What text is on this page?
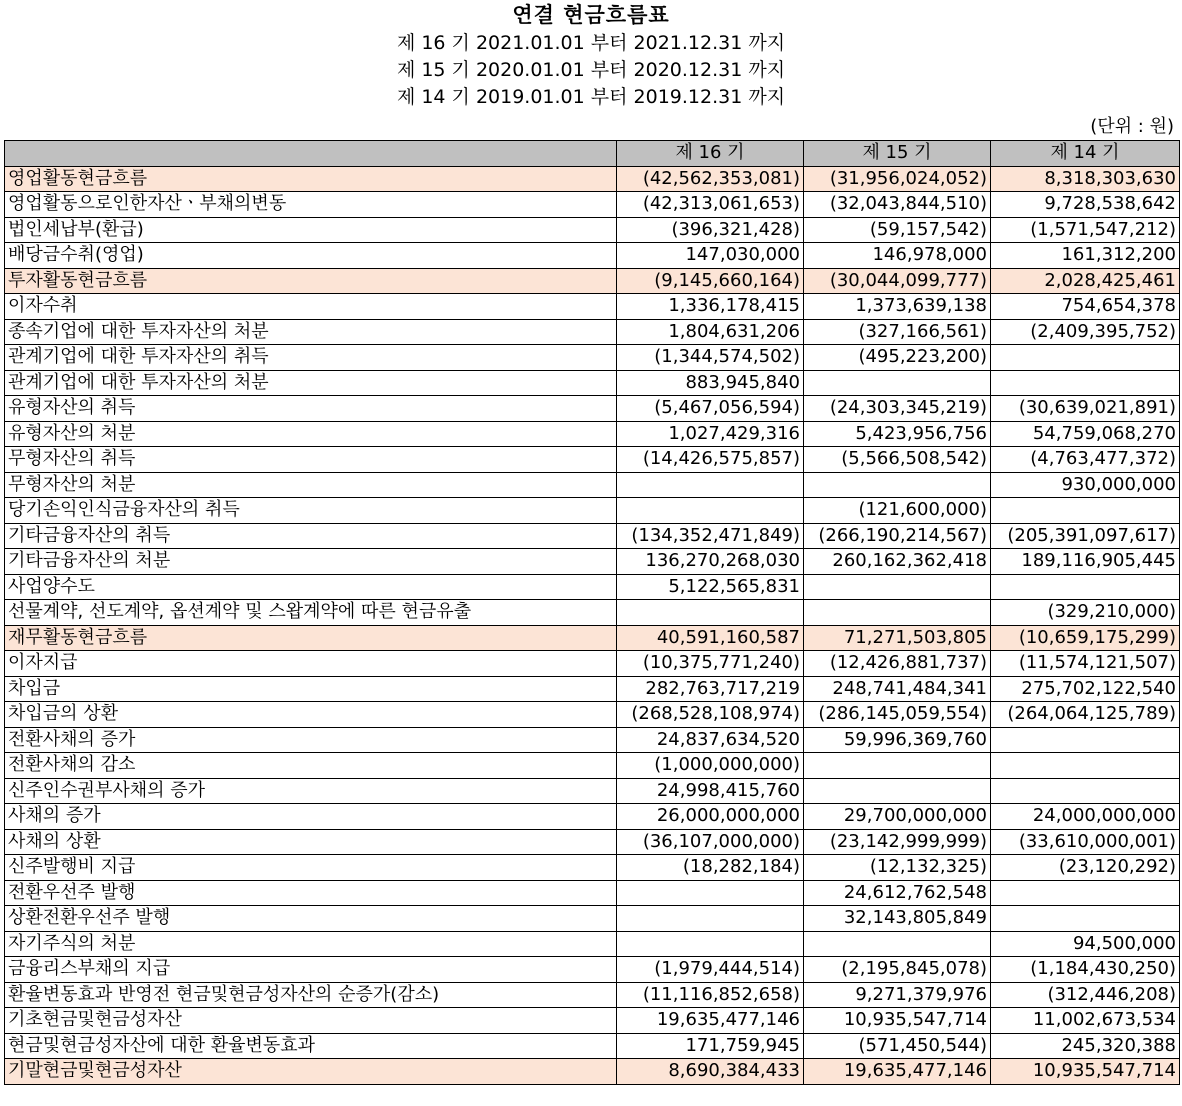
연결 현금흐름표
제 16 기 2021.01.01 부터 2021.12.31 까지
제 15 기 2020.01.01 부터 2020.12.31 까지
제 14 기 2019.01.01 부터 2019.12.31 까지
(단위 : 원)
	제 16 기	제 15 기	제 14 기
영업활동현금흐름	(42,562,353,081)	(31,956,024,052)	8,318,303,630
영업활동으로인한자산ㆍ부채의변동	(42,313,061,653)	(32,043,844,510)	9,728,538,642
법인세납부(환급)	(396,321,428)	(59,157,542)	(1,571,547,212)
배당금수취(영업)	147,030,000	146,978,000	161,312,200
투자활동현금흐름	(9,145,660,164)	(30,044,099,777)	2,028,425,461
이자수취	1,336,178,415	1,373,639,138	754,654,378
종속기업에 대한 투자자산의 처분	1,804,631,206	(327,166,561)	(2,409,395,752)
관계기업에 대한 투자자산의 취득	(1,344,574,502)	(495,223,200)	
관계기업에 대한 투자자산의 처분	883,945,840		
유형자산의 취득	(5,467,056,594)	(24,303,345,219)	(30,639,021,891)
유형자산의 처분	1,027,429,316	5,423,956,756	54,759,068,270
무형자산의 취득	(14,426,575,857)	(5,566,508,542)	(4,763,477,372)
무형자산의 처분			930,000,000
당기손익인식금융자산의 취득		(121,600,000)	
기타금융자산의 취득	(134,352,471,849)	(266,190,214,567)	(205,391,097,617)
기타금융자산의 처분	136,270,268,030	260,162,362,418	189,116,905,445
사업양수도	5,122,565,831		
선물계약, 선도계약, 옵션계약 및 스왑계약에 따른 현금유출			(329,210,000)
재무활동현금흐름	40,591,160,587	71,271,503,805	(10,659,175,299)
이자지급	(10,375,771,240)	(12,426,881,737)	(11,574,121,507)
차입금	282,763,717,219	248,741,484,341	275,702,122,540
차입금의 상환	(268,528,108,974)	(286,145,059,554)	(264,064,125,789)
전환사채의 증가	24,837,634,520	59,996,369,760	
전환사채의 감소	(1,000,000,000)		
신주인수권부사채의 증가	24,998,415,760		
사채의 증가	26,000,000,000	29,700,000,000	24,000,000,000
사채의 상환	(36,107,000,000)	(23,142,999,999)	(33,610,000,001)
신주발행비 지급	(18,282,184)	(12,132,325)	(23,120,292)
전환우선주 발행		24,612,762,548	
상환전환우선주 발행		32,143,805,849	
자기주식의 처분			94,500,000
금융리스부채의 지급	(1,979,444,514)	(2,195,845,078)	(1,184,430,250)
환율변동효과 반영전 현금및현금성자산의 순증가(감소)	(11,116,852,658)	9,271,379,976	(312,446,208)
기초현금및현금성자산	19,635,477,146	10,935,547,714	11,002,673,534
현금및현금성자산에 대한 환율변동효과	171,759,945	(571,450,544)	245,320,388
기말현금및현금성자산	8,690,384,433	19,635,477,146	10,935,547,714
